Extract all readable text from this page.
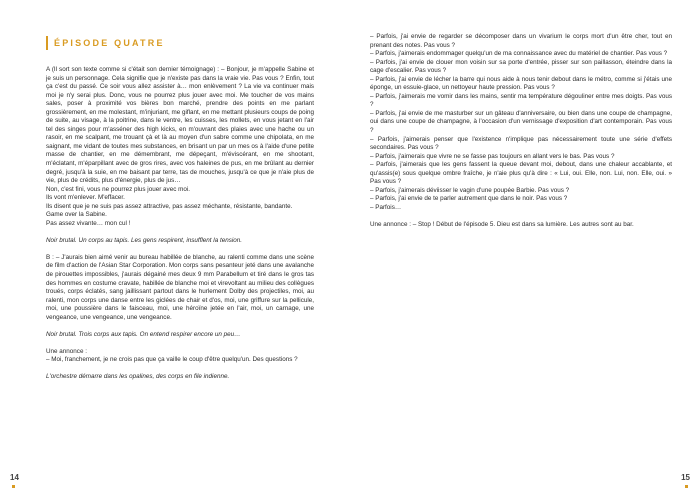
ÉPISODE QUATRE

A (Il sort son texte comme si c'était son dernier témoignage) : – Bonjour, je m'appelle Sabine et je suis un personnage. Cela signifie que je n'existe pas dans la vraie vie. Pas vous ? Enfin, tout ça c'est du passé. Ce soir vous allez assister à… mon enlèvement ? La vie va continuer mais moi je n'y serai plus. Donc, vous ne pourrez plus jouer avec moi. Me toucher de vos mains sales, poser à proximité vos bières bon marché, prendre des points en me parlant grossièrement, en me molestant, m'injuriant, me giflant, en me mettant plusieurs coups de poing de suite, au visage, à la poitrine, dans le ventre, les cuisses, les mollets, en vous jetant en l'air tel des singes pour m'asséner des high kicks, en m'ouvrant des plaies avec une hache ou un rasoir, en me scalpant, me trouant çà et là au moyen d'un sabre comme une chipolata, en me saignant, me vidant de toutes mes substances, en brisant un par un mes os à l'aide d'une petite masse de chantier, en me démembrant, me dépeçant, m'éviscérant, en me shootant, m'éclatant, m'éparpillant avec de gros rires, avec vos haleines de pus, en me brûlant au dernier degré, jusqu'à la suie, en me baisant par terre, tas de mouches, jusqu'à ce que je n'aie plus de vie, plus de crédits, plus d'énergie, plus de jus…

Non, c'est fini, vous ne pourrez plus jouer avec moi.

Ils vont m'enlever. M'effacer.

Ils disent que je ne suis pas assez attractive, pas assez méchante, résistante, bandante.

Game over la Sabine.

Pas assez vivante… mon cul !

Noir brutal. Un corps au tapis. Les gens respirent, insufflent la tension.

B : – J'aurais bien aimé venir au bureau habillée de blanche, au ralenti comme dans une scène de film d'action de l'Asian Star Corporation. Mon corps sans pesanteur jeté dans une avalanche de pirouettes impossibles, j'aurais dégainé mes deux 9 mm Parabellum et tiré dans le gros tas des hommes en costume cravate, habillée de blanche moi et virevoltant au milieu des collègues troués, corps éclatés, sang jaillissant partout dans le hurlement Dolby des projectiles, moi, au ralenti, mon corps une danse entre les giclées de chair et d'os, moi, une griffure sur la pellicule, moi, une poussière dans le faisceau, moi, une héroïne jetée en l'air, moi, un carnage, une vengeance, une vengeance, une vengeance.

Noir brutal. Trois corps aux tapis. On entend respirer encore un peu…

Une annonce :

– Moi, franchement, je ne crois pas que ça vaille le coup d'être quelqu'un. Des questions ?

L'orchestre démarre dans les opalines, des corps en file indienne.

14

– Parfois, j'ai envie de regarder se décomposer dans un vivarium le corps mort d'un être cher, tout en prenant des notes. Pas vous ?

– Parfois, j'aimerais endommager quelqu'un de ma connaissance avec du matériel de chantier. Pas vous ?

– Parfois, j'ai envie de clouer mon voisin sur sa porte d'entrée, pisser sur son paillasson, éteindre dans la cage d'escalier. Pas vous ?

– Parfois, j'ai envie de lécher la barre qui nous aide à nous tenir debout dans le métro, comme si j'étais une éponge, un essuie-glace, un nettoyeur haute pression. Pas vous ?

– Parfois, j'aimerais me vomir dans les mains, sentir ma température dégouliner entre mes doigts. Pas vous ?

– Parfois, j'ai envie de me masturber sur un gâteau d'anniversaire, ou bien dans une coupe de champagne, oui dans une coupe de champagne, à l'occasion d'un vernissage d'exposition d'art contemporain. Pas vous ?

– Parfois, j'aimerais penser que l'existence n'implique pas nécessairement toute une série d'effets secondaires. Pas vous ?

– Parfois, j'aimerais que vivre ne se fasse pas toujours en allant vers le bas. Pas vous ?

– Parfois, j'aimerais que les gens fassent la queue devant moi, debout, dans une chaleur accablante, et qu'assis(e) sous quelque ombre fraîche, je n'aie plus qu'à dire : « Lui, oui. Elle, non. Lui, non. Elle, oui. » Pas vous ?

– Parfois, j'aimerais déviisser le vagin d'une poupée Barbie. Pas vous ?

– Parfois, j'ai envie de te parler autrement que dans le noir. Pas vous ?

– Parfois…

Une annonce : – Stop ! Début de l'épisode 5. Dieu est dans sa lumière. Les autres sont au bar.

15
